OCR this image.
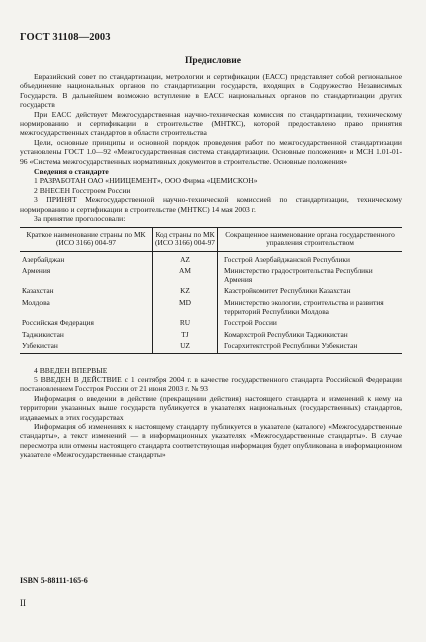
ГОСТ 31108—2003
Предисловие

Евразийский совет по стандартизации, метрологии и сертификации (ЕАСС) представляет собой региональное объединение национальных органов по стандартизации государств, входящих в Содружество Независимых Государств. В дальнейшем возможно вступление в ЕАСС национальных органов по стандартизации других государств

При ЕАСС действует Межгосударственная научно-техническая комиссия по стандартизации, техническому нормированию и сертификации в строительстве (МНТКС), которой предоставлено право принятия межгосударственных стандартов в области строительства

Цели, основные принципы и основной порядок проведения работ по межгосударственной стандартизации установлены ГОСТ 1.0—92 «Межгосударственная система стандартизации. Основные положения» и МСН 1.01-01-96 «Система межгосударственных нормативных документов в строительстве. Основные положения»

Сведения о стандарте

1 РАЗРАБОТАН ОАО «НИИЦЕМЕНТ», ООО Фирма «ЦЕМИСКОН»

2 ВНЕСЕН Госстроем России

3 ПРИНЯТ Межгосударственной научно-технической комиссией по стандартизации, техническому нормированию и сертификации в строительстве (МНТКС) 14 мая 2003 г.

За принятие проголосовали:

Краткое наименование страны по МК (ИСО 3166) 004-97	Код страны по МК (ИСО 3166) 004-97	Сокращенное наименование органа государственного управления строительством
Азербайджан	AZ	Госстрой Азербайджанской Республики
Армения	AM	Министерство градостроительства Республики Армения
Казахстан	KZ	Казстройкомитет Республики Казахстан
Молдова	MD	Министерство экологии, строительства и развития территорий Республики Молдова
Российская Федерация	RU	Госстрой России
Таджикистан	TJ	Комархстрой Республики Таджикистан
Узбекистан	UZ	Госархитектстрой Республики Узбекистан

4 ВВЕДЕН ВПЕРВЫЕ

5 ВВЕДЕН В ДЕЙСТВИЕ с 1 сентября 2004 г. в качестве государственного стандарта Российской Федерации постановлением Госстроя России от 21 июня 2003 г. № 93

Информация о введении в действие (прекращении действия) настоящего стандарта и изменений к нему на территории указанных выше государств публикуется в указателях национальных (государственных) стандартов, издаваемых в этих государствах

Информация об изменениях к настоящему стандарту публикуется в указателе (каталоге) «Межгосударственные стандарты», а текст изменений — в информационных указателях «Межгосударственные стандарты». В случае пересмотра или отмены настоящего стандарта соответствующая информация будет опубликована в информационном указателе «Межгосударственные стандарты»

ISBN 5-88111-165-6
II
